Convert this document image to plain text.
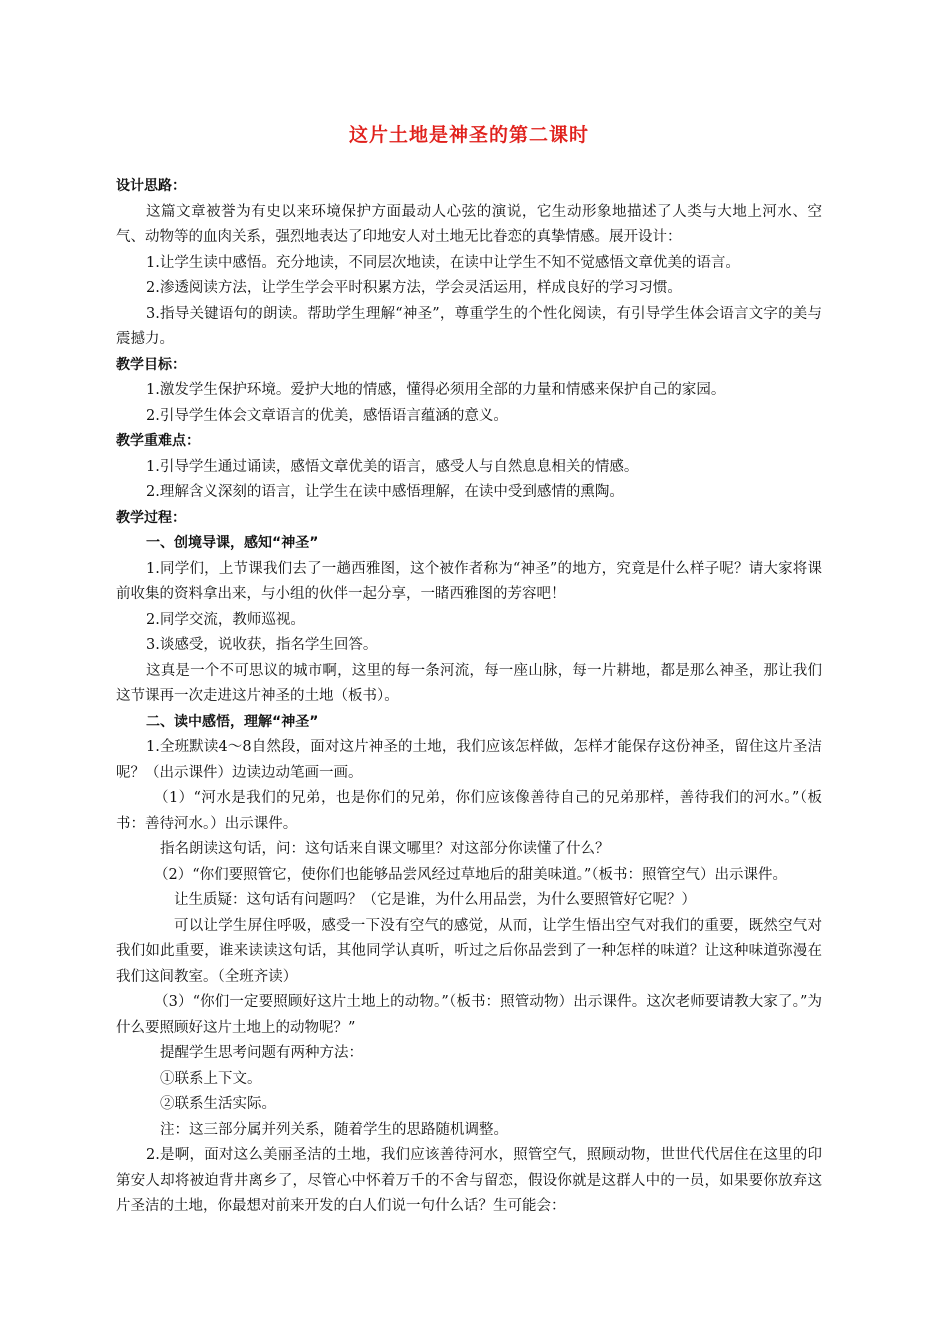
这片土地是神圣的第二课时
设计思路：
这篇文章被誉为有史以来环境保护方面最动人心弦的演说，它生动形象地描述了人类与大地上河水、空气、动物等的血肉关系，强烈地表达了印地安人对土地无比眷恋的真挚情感。展开设计：
1.让学生读中感悟。充分地读，不同层次地读，在读中让学生不知不觉感悟文章优美的语言。
2.渗透阅读方法，让学生学会平时积累方法，学会灵活运用，样成良好的学习习惯。
3.指导关键语句的朗读。帮助学生理解“神圣”，尊重学生的个性化阅读，有引导学生体会语言文字的美与震撼力。
教学目标：
1.激发学生保护环境。爱护大地的情感，懂得必须用全部的力量和情感来保护自己的家园。
2.引导学生体会文章语言的优美，感悟语言蕴涵的意义。
教学重难点：
1.引导学生通过诵读，感悟文章优美的语言，感受人与自然息息相关的情感。
2.理解含义深刻的语言，让学生在读中感悟理解，在读中受到感情的熏陶。
教学过程：
一、创境导课，感知“神圣”
1.同学们，上节课我们去了一趟西雅图，这个被作者称为“神圣”的地方，究竟是什么样子呢？请大家将课前收集的资料拿出来，与小组的伙伴一起分享，一睹西雅图的芳容吧！
2.同学交流，教师巡视。
3.谈感受，说收获，指名学生回答。
这真是一个不可思议的城市啊，这里的每一条河流，每一座山脉，每一片耕地，都是那么神圣，那让我们这节课再一次走进这片神圣的土地（板书）。
二、读中感悟，理解“神圣”
1.全班默读4～8自然段，面对这片神圣的土地，我们应该怎样做，怎样才能保存这份神圣，留住这片圣洁呢？（出示课件）边读边动笔画一画。
（1）“河水是我们的兄弟，也是你们的兄弟，你们应该像善待自己的兄弟那样，善待我们的河水。”（板书：善待河水。）出示课件。
指名朗读这句话，问：这句话来自课文哪里？对这部分你读懂了什么？
（2）“你们要照管它，使你们也能够品尝风经过草地后的甜美味道。”（板书：照管空气）出示课件。
让生质疑：这句话有问题吗？（它是谁，为什么用品尝，为什么要照管好它呢？）
可以让学生屏住呼吸，感受一下没有空气的感觉，从而，让学生悟出空气对我们的重要，既然空气对我们如此重要，谁来读读这句话，其他同学认真听，听过之后你品尝到了一种怎样的味道？让这种味道弥漫在我们这间教室。（全班齐读）
（3）“你们一定要照顾好这片土地上的动物。”（板书：照管动物）出示课件。这次老师要请教大家了。”为什么要照顾好这片土地上的动物呢？”
提醒学生思考问题有两种方法：
①联系上下文。
②联系生活实际。
注：这三部分属并列关系，随着学生的思路随机调整。
2.是啊，面对这么美丽圣洁的土地，我们应该善待河水，照管空气，照顾动物，世世代代居住在这里的印第安人却将被迫背井离乡了，尽管心中怀着万千的不舍与留恋，假设你就是这群人中的一员，如果要你放弃这片圣洁的土地，你最想对前来开发的白人们说一句什么话？生可能会：
